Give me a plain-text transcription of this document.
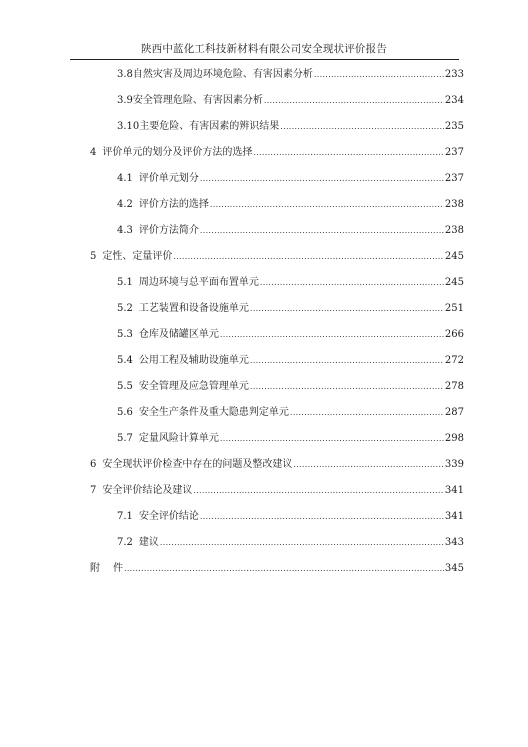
陕西中蓝化工科技新材料有限公司安全现状评价报告
3.8 自然灾害及周边环境危险、有害因素分析 .....	233
3.9 安全管理危险、有害因素分析 .....	234
3.10 主要危险、有害因素的辨识结果 .....	235
4 评价单元的划分及评价方法的选择 .....	237
4.1 评价单元划分 .....	237
4.2 评价方法的选择 .....	238
4.3 评价方法简介 .....	238
5 定性、定量评价 .....	245
5.1 周边环境与总平面布置单元 .....	245
5.2 工艺装置和设备设施单元 .....	251
5.3 仓库及储罐区单元 .....	266
5.4 公用工程及辅助设施单元 .....	272
5.5 安全管理及应急管理单元 .....	278
5.6 安全生产条件及重大隐患判定单元 .....	287
5.7 定量风险计算单元 .....	298
6 安全现状评价检查中存在的问题及整改建议 .....	339
7 安全评价结论及建议 .....	341
7.1 安全评价结论 .....	341
7.2 建议 .....	343
附 件 .....	345
